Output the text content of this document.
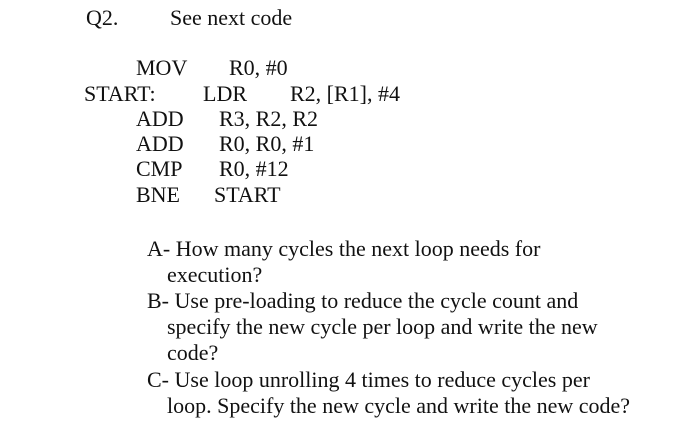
Q2. See next code
MOV R0, #0
START: LDR R2, [R1], #4
ADD R3, R2, R2
ADD R0, R0, #1
CMP R0, #12
BNE START
A- How many cycles the next loop needs for
execution?
B- Use pre-loading to reduce the cycle count and
specify the new cycle per loop and write the new
code?
C- Use loop unrolling 4 times to reduce cycles per
loop. Specify the new cycle and write the new code?
